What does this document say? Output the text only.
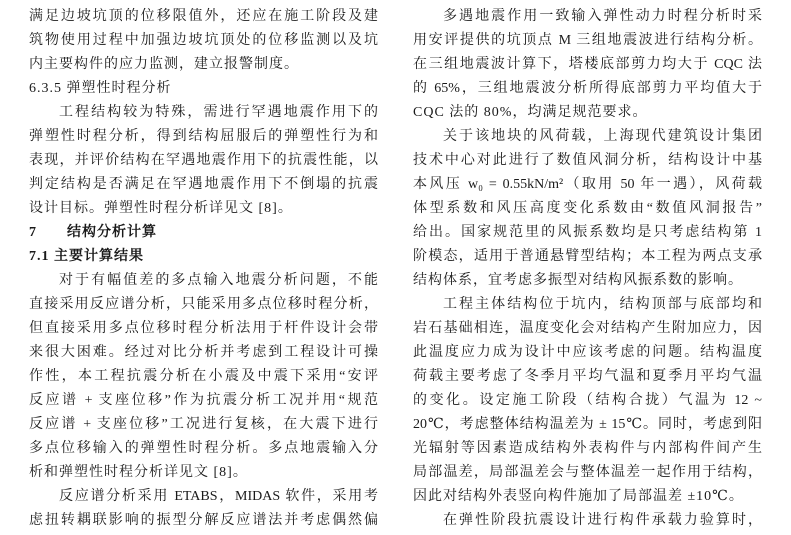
满足边坡坑顶的位移限值外，还应在施工阶段及建
筑物使用过程中加强边坡坑顶处的位移监测以及坑
内主要构件的应力监测，建立报警制度。
6.3.5 弹塑性时程分析
工程结构较为特殊，需进行罕遇地震作用下的
弹塑性时程分析，得到结构屈服后的弹塑性行为和
表现，并评价结构在罕遇地震作用下的抗震性能，以
判定结构是否满足在罕遇地震作用下不倒塌的抗震
设计目标。弹塑性时程分析详见文 [8]。
7　　结构分析计算
7.1 主要计算结果
对于有幅值差的多点输入地震分析问题，不能
直接采用反应谱分析，只能采用多点位移时程分析，
但直接采用多点位移时程分析法用于杆件设计会带
来很大困难。经过对比分析并考虑到工程设计可操
作性，本工程抗震分析在小震及中震下采用“安评
反应谱 + 支座位移”作为抗震分析工况并用“规范
反应谱 + 支座位移”工况进行复核，在大震下进行
多点位移输入的弹塑性时程分析。多点地震输入分
析和弹塑性时程分析详见文 [8]。
反应谱分析采用 ETABS，MIDAS 软件，采用考
虑扭转耦联影响的振型分解反应谱法并考虑偶然偏
多遇地震作用一致输入弹性动力时程分析时采
用安评提供的坑顶点 M 三组地震波进行结构分析。
在三组地震波计算下，塔楼底部剪力均大于 CQC 法
的 65%，三组地震波分析所得底部剪力平均值大于
CQC 法的 80%，均满足规范要求。
关于该地块的风荷载，上海现代建筑设计集团
技术中心对此进行了数值风洞分析，结构设计中基
本风压 w₀ = 0.55kN/m²（取用 50 年一遇），风荷载
体型系数和风压高度变化系数由“数值风洞报告”
给出。国家规范里的风振系数均是只考虑结构第 1
阶模态，适用于普通悬臂型结构；本工程为两点支承
结构体系，宜考虑多振型对结构风振系数的影响。
工程主体结构位于坑内，结构顶部与底部均和
岩石基础相连，温度变化会对结构产生附加应力，因
此温度应力成为设计中应该考虑的问题。结构温度
荷载主要考虑了冬季月平均气温和夏季月平均气温
的变化。设定施工阶段（结构合拢）气温为 12 ~
20℃，考虑整体结构温差为 ± 15℃。同时，考虑到阳
光辐射等因素造成结构外表构件与内部构件间产生
局部温差，局部温差会与整体温差一起作用于结构，
因此对结构外表竖向构件施加了局部温差 ±10℃。
在弹性阶段抗震设计进行构件承载力验算时，
